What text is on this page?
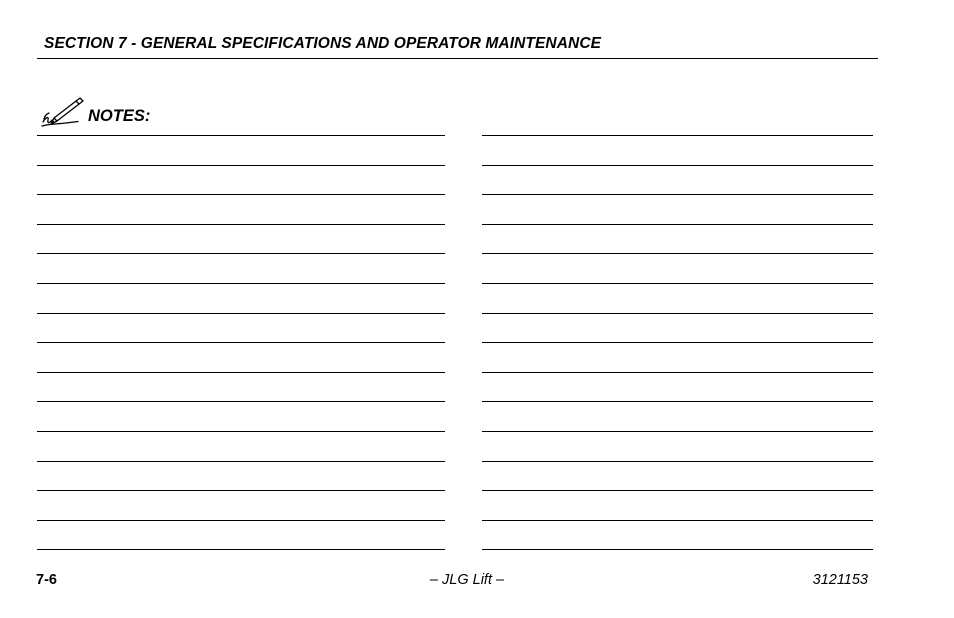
SECTION 7 - GENERAL SPECIFICATIONS AND OPERATOR MAINTENANCE
NOTES:
7-6	– JLG Lift –	3121153
